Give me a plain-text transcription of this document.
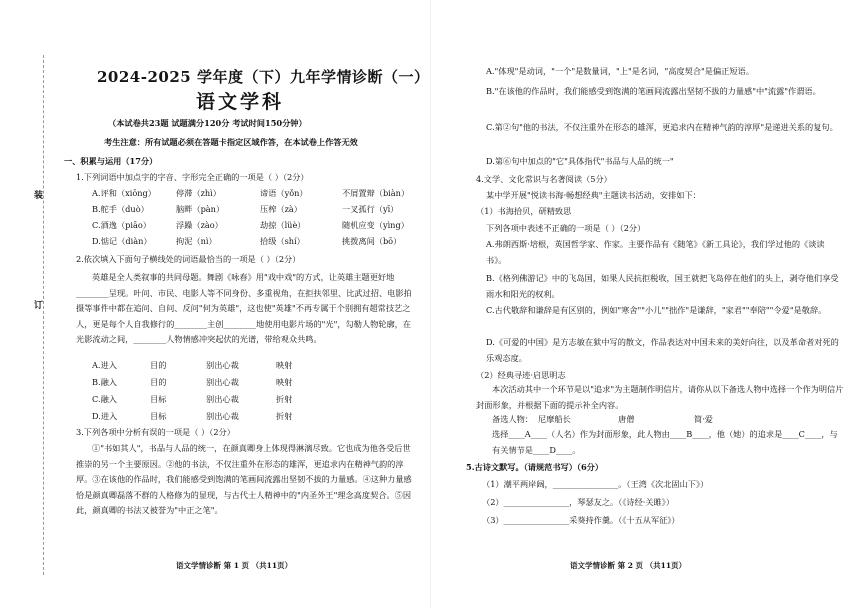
装
订
2024-2025 学年度（下）九年学情诊断（一）
语文学科
（本试卷共23题 试题满分120分 考试时间150分钟）
考生注意：所有试题必须在答题卡指定区域作答，在本试卷上作答无效
一、积累与运用（17分）
1.下列词语中加点字的字音、字形完全正确的一项是（ ）（2分）
A.评和（xiōng） 停滞（zhì）	谛语（yǒn）	不屑置辩（biàn）
B.舵手（duò）	脑畔（pàn）	压榨（zà）	一叉孤行（yī）
C.酒逸（piāo）	浮躁（zào）	劫掠（lüè）	随机应变（yìng）
D.惦记（diàn）	拘泥（nì）	拾级（shí）	挑拨离间（bō）
2.依次填入下面句子横线处的词语最恰当的一项是（ ）（2分）
英雄是全人类叙事的共同母题。舞剧《咏春》用"戏中戏"的方式，让英雄主题更好地________呈现。叶问、市民、电影人等不同身份、多重视角，在拒扶邻里、比武过招、电影拍摄等事件中都在追问、自问、反问"何为英雄"，这也使"英雄"不再专属于个别拥有超常技艺之人，更是每个人自我修行的________主创________地使用电影片场的"光"，勾勒人物轮廓，在光影流动之间，________人物情感冲突起伏的光谱，带给观众共鸣。
A.进入	目的	别出心裁	映射
B.融入	目的	别出心裁	映射
C.融入	目标	别出心裁	折射
D.进入	目标	别出心裁	折射
3.下列各项中分析有误的一项是（ ）（2分）
①"书如其人"，书品与人品的统一，在颜真卿身上体现得淋漓尽致。它也成为他各受后世推崇的另一个主要原因。②他的书法，不仅注重外在形态的雄浑，更追求内在精神气韵的淳厚。③在该他的作品时，我们能感受到饱满的笔画间流露出坚韧不拔的力量感。④这种力量感恰是颜真卿磊落不群的人格修为的显现，与古代士人精神中的"内圣外王"理念高度契合。⑤因此，颜真卿的书法又被誉为"中正之笔"。
语文学情诊断 第 1 页 （共11页）
A."体现"是动词，"一个"是数量词，"上"是名词，"高度契合"是偏正短语。
B."在该他的作品时，我们能感受到饱满的笔画间流露出坚韧不拔的力量感"中"流露"作谓语。
C.第②句"他的书法，不仅注重外在形态的雄浑，更追求内在精神气韵的淳厚"是递进关系的复句。
D.第⑥句中加点的"它"具体指代"书品与人品的统一"
4.文学、文化常识与名著阅读（5分）
某中学开展"悦读书海·畅想经典"主题读书活动，安排如下：
（1）书海拾贝，研精致思
下列各项中表述不正确的一项是（ ）（2分）
A.弗朗西斯·培根，英国哲学家、作家。主要作品有《随笔》《新工具论》，我们学过他的《谈读书》。
B.《格列佛游记》中的飞岛国，如果人民抗拒税收，国王就把飞岛停在他们的头上，剥夺他们享受雨水和阳光的权利。
C.古代敬辞和谦辞是有区别的，例如"寒舍""小儿""拙作"是谦辞，"家君""奉陪""令爱"是敬辞。
D.《可爱的中国》是方志敏在狱中写的散文，作品表达对中国未来的美好向往，以及革命者对死的乐观态度。
（2）经典寻迹·启思明志
本次活动其中一个环节是以"追求"为主题制作明信片，请你从以下备选人物中选择一个作为明信片封面形象，并根据下面的提示补全内容。
备选人物： 尼摩船长	唐僧	简·爱
选择____A____（人名）作为封面形象，此人物由____B____，他（她）的追求是____C____，与有关情节是____D____。
5.古诗文默写。（请规范书写）（6分）
（1）潮平两岸阔，________________。（王湾《次北固山下》）
（2）________________，琴瑟友之。（《诗经·关雎》）
（3）________________采葵持作羹。（《十五从军征》）
语文学情诊断 第 2 页 （共11页）
